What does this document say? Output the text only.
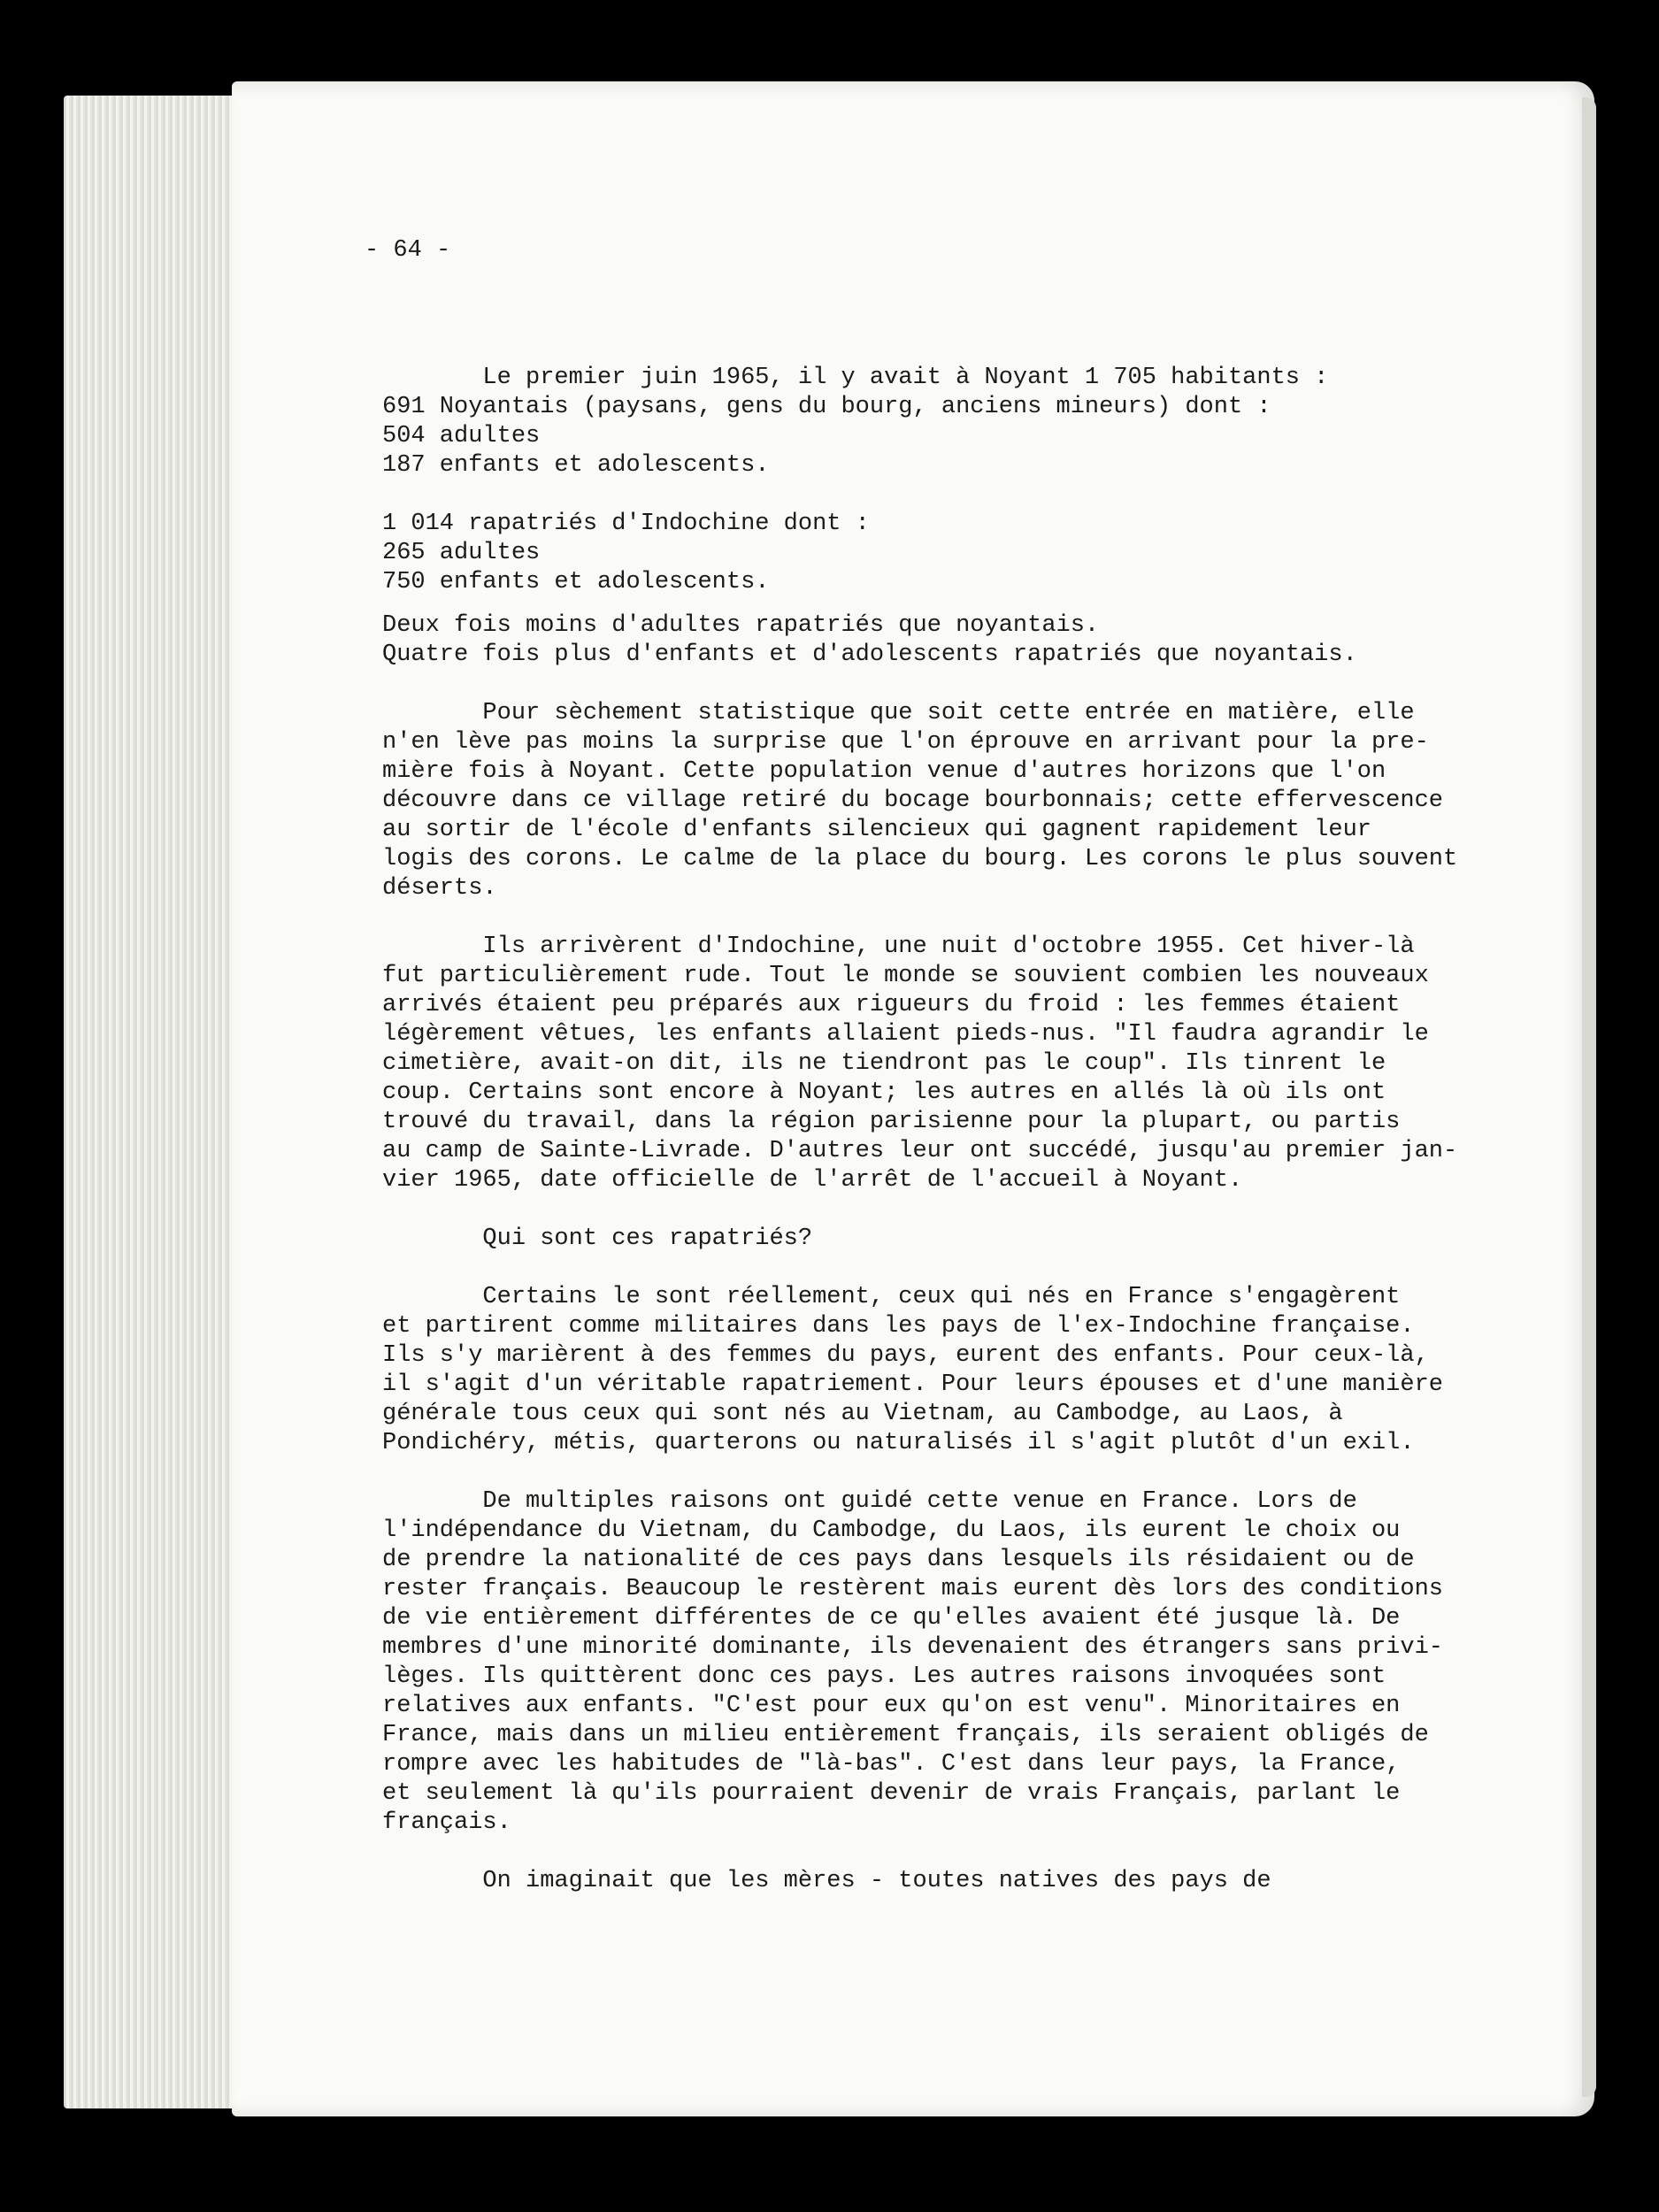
- 64 -
Le premier juin 1965, il y avait à Noyant 1 705 habitants :
691 Noyantais (paysans, gens du bourg, anciens mineurs) dont :
504 adultes
187 enfants et adolescents.
1 014 rapatriés d'Indochine dont :
265 adultes
750 enfants et adolescents.
Deux fois moins d'adultes rapatriés que noyantais.
Quatre fois plus d'enfants et d'adolescents rapatriés que noyantais.
Pour sèchement statistique que soit cette entrée en matière, elle
n'en lève pas moins la surprise que l'on éprouve en arrivant pour la pre-
mière fois à Noyant. Cette population venue d'autres horizons que l'on
découvre dans ce village retiré du bocage bourbonnais; cette effervescence
au sortir de l'école d'enfants silencieux qui gagnent rapidement leur
logis des corons. Le calme de la place du bourg. Les corons le plus souvent
déserts.
Ils arrivèrent d'Indochine, une nuit d'octobre 1955. Cet hiver-là
fut particulièrement rude. Tout le monde se souvient combien les nouveaux
arrivés étaient peu préparés aux rigueurs du froid : les femmes étaient
légèrement vêtues, les enfants allaient pieds-nus. "Il faudra agrandir le
cimetière, avait-on dit, ils ne tiendront pas le coup". Ils tinrent le
coup. Certains sont encore à Noyant; les autres en allés là où ils ont
trouvé du travail, dans la région parisienne pour la plupart, ou partis
au camp de Sainte-Livrade. D'autres leur ont succédé, jusqu'au premier jan-
vier 1965, date officielle de l'arrêt de l'accueil à Noyant.
Qui sont ces rapatriés?
Certains le sont réellement, ceux qui nés en France s'engagèrent
et partirent comme militaires dans les pays de l'ex-Indochine française.
Ils s'y marièrent à des femmes du pays, eurent des enfants. Pour ceux-là,
il s'agit d'un véritable rapatriement. Pour leurs épouses et d'une manière
générale tous ceux qui sont nés au Vietnam, au Cambodge, au Laos, à
Pondichéry, métis, quarterons ou naturalisés il s'agit plutôt d'un exil.
De multiples raisons ont guidé cette venue en France. Lors de
l'indépendance du Vietnam, du Cambodge, du Laos, ils eurent le choix ou
de prendre la nationalité de ces pays dans lesquels ils résidaient ou de
rester français. Beaucoup le restèrent mais eurent dès lors des conditions
de vie entièrement différentes de ce qu'elles avaient été jusque là. De
membres d'une minorité dominante, ils devenaient des étrangers sans privi-
lèges. Ils quittèrent donc ces pays. Les autres raisons invoquées sont
relatives aux enfants. "C'est pour eux qu'on est venu". Minoritaires en
France, mais dans un milieu entièrement français, ils seraient obligés de
rompre avec les habitudes de "là-bas". C'est dans leur pays, la France,
et seulement là qu'ils pourraient devenir de vrais Français, parlant le
français.
On imaginait que les mères - toutes natives des pays de
